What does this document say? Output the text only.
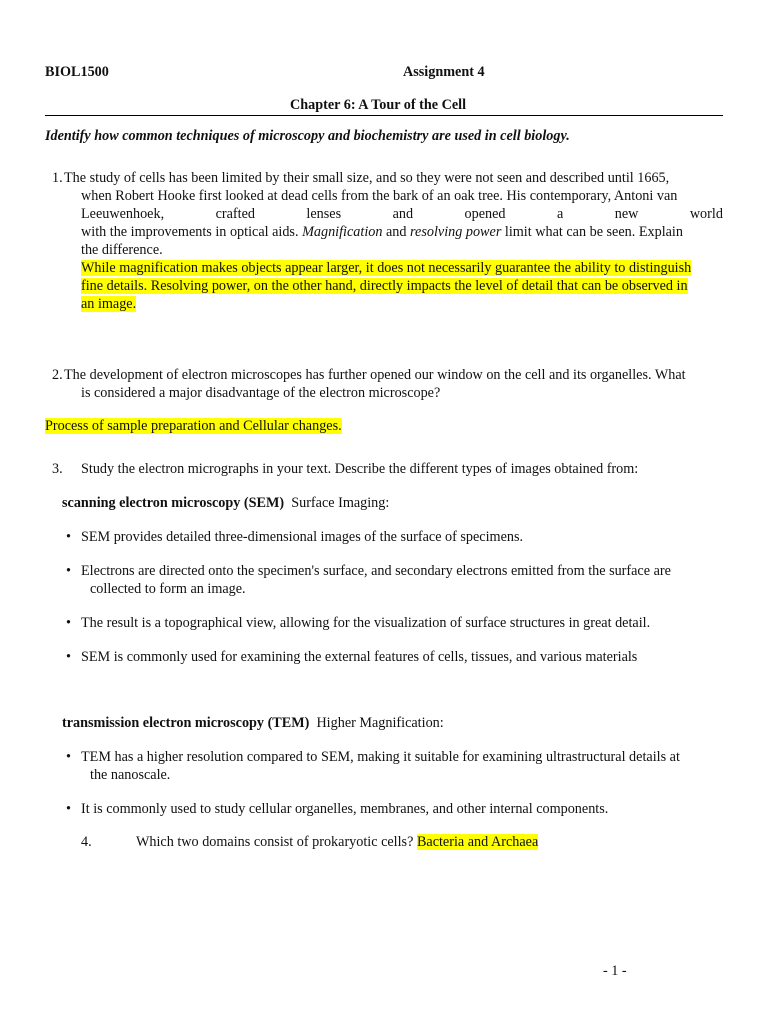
BIOL1500	Assignment 4
Chapter 6: A Tour of the Cell
Identify how common techniques of microscopy and biochemistry are used in cell biology.
1. The study of cells has been limited by their small size, and so they were not seen and described until 1665,
when Robert Hooke first looked at dead cells from the bark of an oak tree. His contemporary, Antoni van
Leeuwenhoek,	crafted	lenses	and	opened	a	new	world
with the improvements in optical aids. Magnification and resolving power limit what can be seen. Explain
the difference.
While magnification makes objects appear larger, it does not necessarily guarantee the ability to distinguish
fine details. Resolving power, on the other hand, directly impacts the level of detail that can be observed in
an image.
2. The development of electron microscopes has further opened our window on the cell and its organelles. What
is considered a major disadvantage of the electron microscope?
Process of sample preparation and Cellular changes.
3. Study the electron micrographs in your text. Describe the different types of images obtained from:
scanning electron microscopy (SEM) Surface Imaging:
• SEM provides detailed three-dimensional images of the surface of specimens.
• Electrons are directed onto the specimen's surface, and secondary electrons emitted from the surface are
collected to form an image.
• The result is a topographical view, allowing for the visualization of surface structures in great detail.
• SEM is commonly used for examining the external features of cells, tissues, and various materials
transmission electron microscopy (TEM) Higher Magnification:
• TEM has a higher resolution compared to SEM, making it suitable for examining ultrastructural details at
the nanoscale.
• It is commonly used to study cellular organelles, membranes, and other internal components.
4.	Which two domains consist of prokaryotic cells? Bacteria and Archaea
- 1 -
